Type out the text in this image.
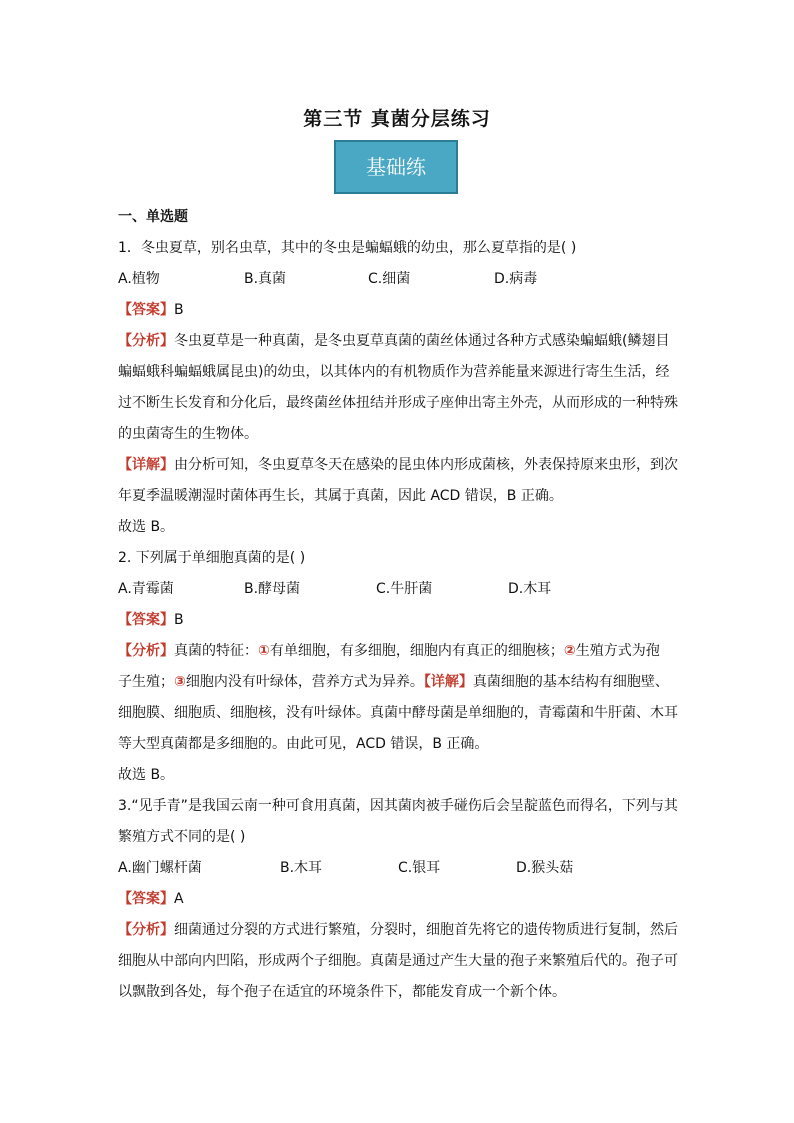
第三节 真菌分层练习
基础练
一、单选题
1．冬虫夏草，别名虫草，其中的冬虫是蝙蝠蛾的幼虫，那么夏草指的是( )
A.植物	B.真菌	C.细菌	D.病毒
【答案】B
【分析】冬虫夏草是一种真菌，是冬虫夏草真菌的菌丝体通过各种方式感染蝙蝠蛾(鳞翅目
蝙蝠蛾科蝙蝠蛾属昆虫)的幼虫，以其体内的有机物质作为营养能量来源进行寄生生活，经
过不断生长发育和分化后，最终菌丝体扭结并形成子座伸出寄主外壳，从而形成的一种特殊
的虫菌寄生的生物体。
【详解】由分析可知，冬虫夏草冬天在感染的昆虫体内形成菌核，外表保持原来虫形，到次
年夏季温暖潮湿时菌体再生长，其属于真菌，因此 ACD 错误，B 正确。
故选 B。
2. 下列属于单细胞真菌的是( )
A.青霉菌	B.酵母菌	C.牛肝菌	D.木耳
【答案】B
【分析】真菌的特征：①有单细胞，有多细胞，细胞内有真正的细胞核；②生殖方式为孢
子生殖；③细胞内没有叶绿体，营养方式为异养。【详解】真菌细胞的基本结构有细胞壁、
细胞膜、细胞质、细胞核，没有叶绿体。真菌中酵母菌是单细胞的，青霉菌和牛肝菌、木耳
等大型真菌都是多细胞的。由此可见，ACD 错误，B 正确。
故选 B。
3.“见手青”是我国云南一种可食用真菌，因其菌肉被手碰伤后会呈靛蓝色而得名，下列与其
繁殖方式不同的是( )
A.幽门螺杆菌	B.木耳	C.银耳	D.猴头菇
【答案】A
【分析】细菌通过分裂的方式进行繁殖，分裂时，细胞首先将它的遗传物质进行复制，然后
细胞从中部向内凹陷，形成两个子细胞。真菌是通过产生大量的孢子来繁殖后代的。孢子可
以飘散到各处，每个孢子在适宜的环境条件下，都能发育成一个新个体。
